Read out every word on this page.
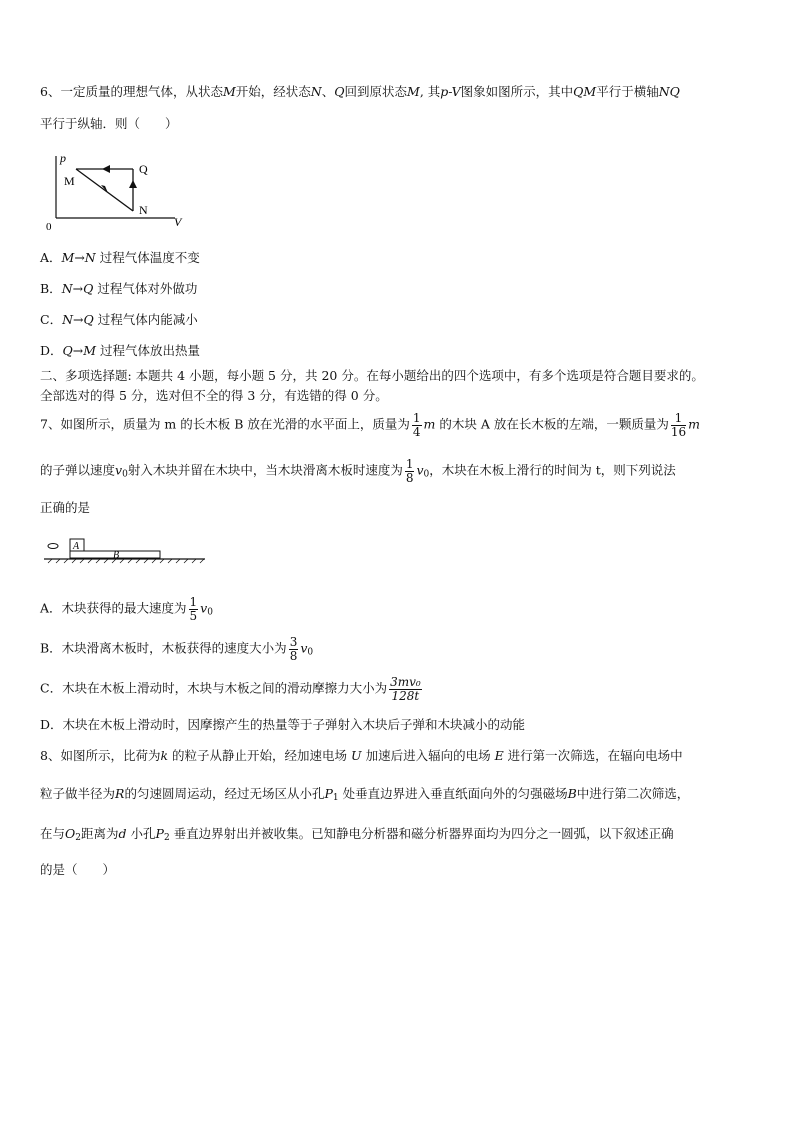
6、一定质量的理想气体，从状态M开始，经状态N、Q回到原状态M, 其p-V图象如图所示，其中QM平行于横轴NQ
平行于纵轴．则（　　）
p
V
0
M
Q
N
A．M→N 过程气体温度不变
B．N→Q 过程气体对外做功
C．N→Q 过程气体内能减小
D．Q→M 过程气体放出热量
二、多项选择题: 本题共 4 小题，每小题 5 分，共 20 分。在每小题给出的四个选项中，有多个选项是符合题目要求的。
全部选对的得 5 分，选对但不全的得 3 分，有选错的得 0 分。
7、如图所示，质量为 m 的长木板 B 放在光滑的水平面上，质量为 $\frac{1}{4}$ m 的木块 A 放在长木板的左端，一颗质量为 $\frac{1}{16}$ m
的子弹以速度$v_0$射入木块并留在木块中，当木块滑离木板时速度为 $\frac{1}{8} v_0$，木块在木板上滑行的时间为 t，则下列说法
正确的是
A
B
A．木块获得的最大速度为 $\frac{1}{5} v_0$
B．木块滑离木板时，木板获得的速度大小为 $\frac{3}{8} v_0$
C．木块在木板上滑动时，木块与木板之间的滑动摩擦力大小为 $\frac{\text{3mv₀}}{128t}$
D．木块在木板上滑动时，因摩擦产生的热量等于子弹射入木块后子弹和木块减小的动能
8、如图所示，比荷为k 的粒子从静止开始，经加速电场 U 加速后进入辐向的电场 E 进行第一次筛选，在辐向电场中
粒子做半径为R的匀速圆周运动，经过无场区从小孔$P_1$ 处垂直边界进入垂直纸面向外的匀强磁场B中进行第二次筛选，
在与$O_2$距离为d 小孔$P_2$ 垂直边界射出并被收集。已知静电分析器和磁分析器界面均为四分之一圆弧，以下叙述正确
的是（　　）
